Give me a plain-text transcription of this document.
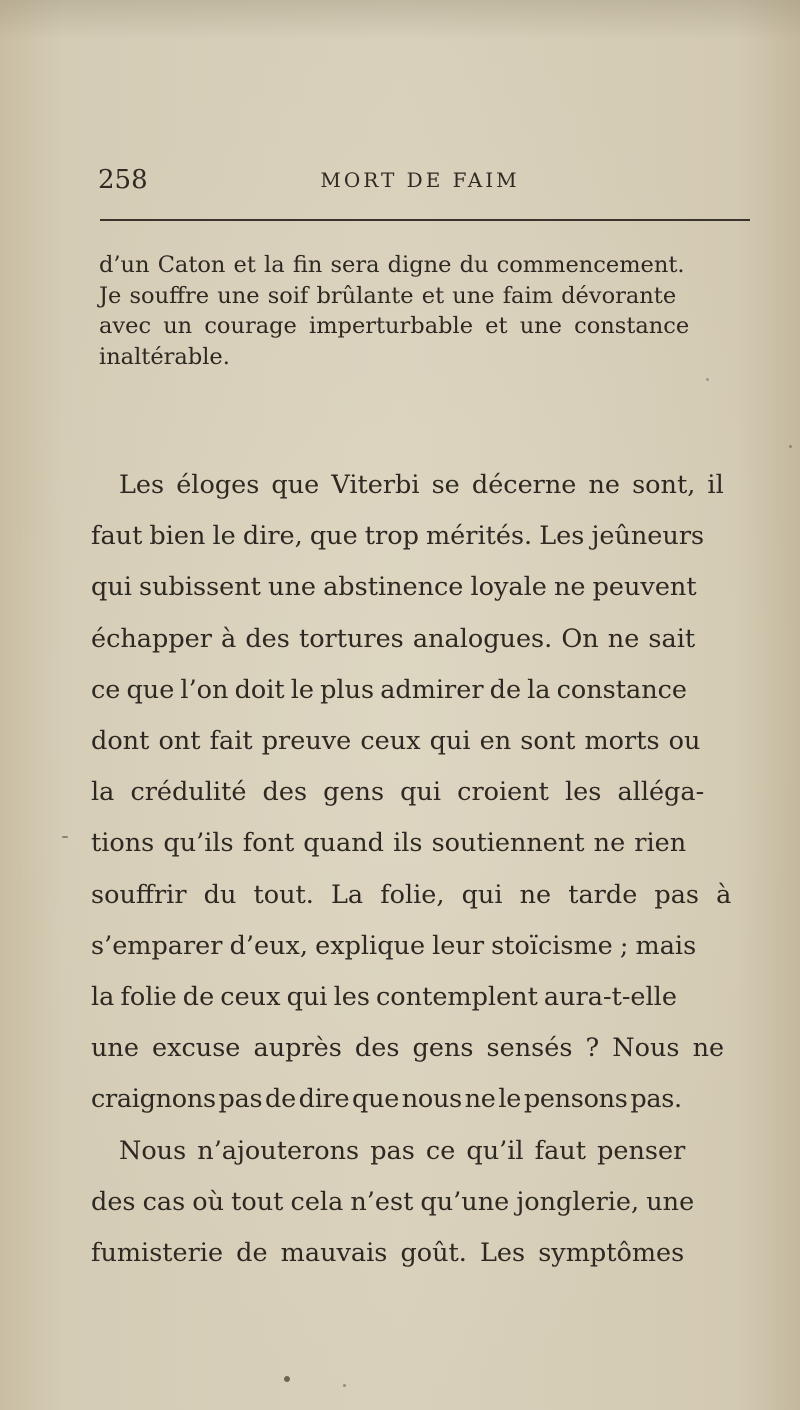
258	MORT DE FAIM
d’un Caton et la fin sera digne du commencement.
Je souffre une soif brûlante et une faim dévorante
avec un courage imperturbable et une constance
inaltérable.
Les éloges que Viterbi se décerne ne sont, il
faut bien le dire, que trop mérités. Les jeûneurs
qui subissent une abstinence loyale ne peuvent
échapper à des tortures analogues. On ne sait
ce que l’on doit le plus admirer de la constance
dont ont fait preuve ceux qui en sont morts ou
la crédulité des gens qui croient les allégа-
tions qu’ils font quand ils soutiennent ne rien
souffrir du tout. La folie, qui ne tarde pas à
s’emparer d’eux, explique leur stoïcisme ; mais
la folie de ceux qui les contemplent aura-t-elle
une excuse auprès des gens sensés ? Nous ne
craignons pas de dire que nous ne le pensons pas.
Nous n’ajouterons pas ce qu’il faut penser
des cas où tout cela n’est qu’une jonglerie, une
fumisterie de mauvais goût. Les symptômes
